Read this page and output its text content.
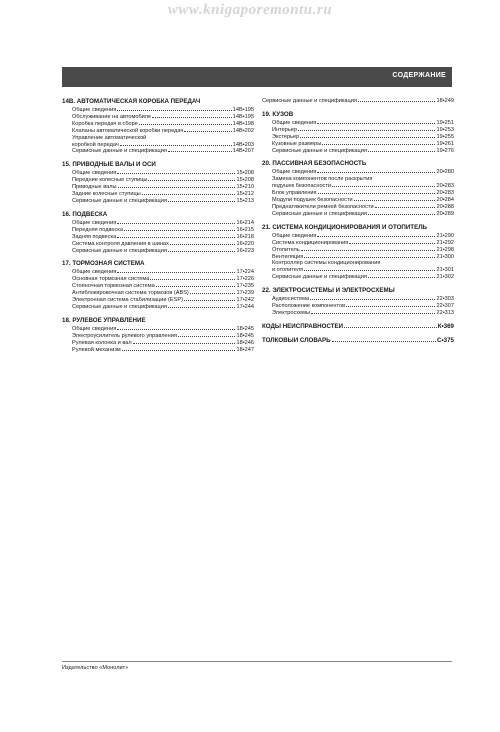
www.knigaporemontu.ru
СОДЕРЖАНИЕ
14В. АВТОМАТИЧЕСКАЯ КОРОБКА ПЕРЕДАЧ
Общие сведения	14В•195
Обслуживание на автомобиле	14В•195
Коробка передач в сборе	14В•198
Клапаны автоматической коробки передач	14В•202
Управление автоматической
коробкой передач	14В•203
Сервисные данные и спецификация	14В•207
15. ПРИВОДНЫЕ ВАЛЫ И ОСИ
Общие сведения	15•208
Передние колесные ступицы	15•208
Приводные валы	15•210
Задние колесные ступицы	15•212
Сервисные данные и спецификация	15•213
16. ПОДВЕСКА
Общие сведения	16•214
Передняя подвеска	16•215
Задняя подвеска	16•218
Система контроля давления в шинах	16•220
Сервисные данные и спецификация	16•223
17. ТОРМОЗНАЯ СИСТЕМА
Общие сведения	17•224
Основная тормозная система	17•226
Стояночная тормозная система	17•235
Антиблокировочная система тормозов (ABS)	17•239
Электронная система стабилизации (ESP)	17•242
Сервисные данные и спецификация	17•244
18. РУЛЕВОЕ УПРАВЛЕНИЕ
Общие сведения	18•245
Электроусилитель рулевого управления	18•245
Рулевая колонка и вал	18•246
Рулевой механизм	18•247
Сервисные данные и спецификация	18•249
19. КУЗОВ
Общие сведения	19•251
Интерьер	19•253
Экстерьер	19•255
Кузовные размеры	19•261
Сервисные данные и спецификация	19•276
20. ПАССИВНАЯ БЕЗОПАСНОСТЬ
Общие сведения	20•280
Замена компонентов после раскрытия
подушек безопасности	20•283
Блок управления	20•283
Модули подушек безопасности	20•284
Преднатяжители ремней безопасности	20•288
Сервисные данные и спецификация	20•289
21. СИСТЕМА КОНДИЦИОНИРОВАНИЯ И ОТОПИТЕЛЬ
Общие сведения	21•290
Система кондиционирования	21•292
Отопитель	21•298
Вентиляция	21•300
Контроллер системы кондиционирования
и отопителя	21•301
Сервисные данные и спецификация	21•302
22. ЭЛЕКТРОСИСТЕМЫ И ЭЛЕКТРОСХЕМЫ
Аудиосистема	22•303
Расположение компонентов	22•307
Электросхемы	22•313
КОДЫ НЕИСПРАВНОСТЕЙ	К•369
ТОЛКОВЫЙ СЛОВАРЬ	С•375
Издательство «Монолит»
